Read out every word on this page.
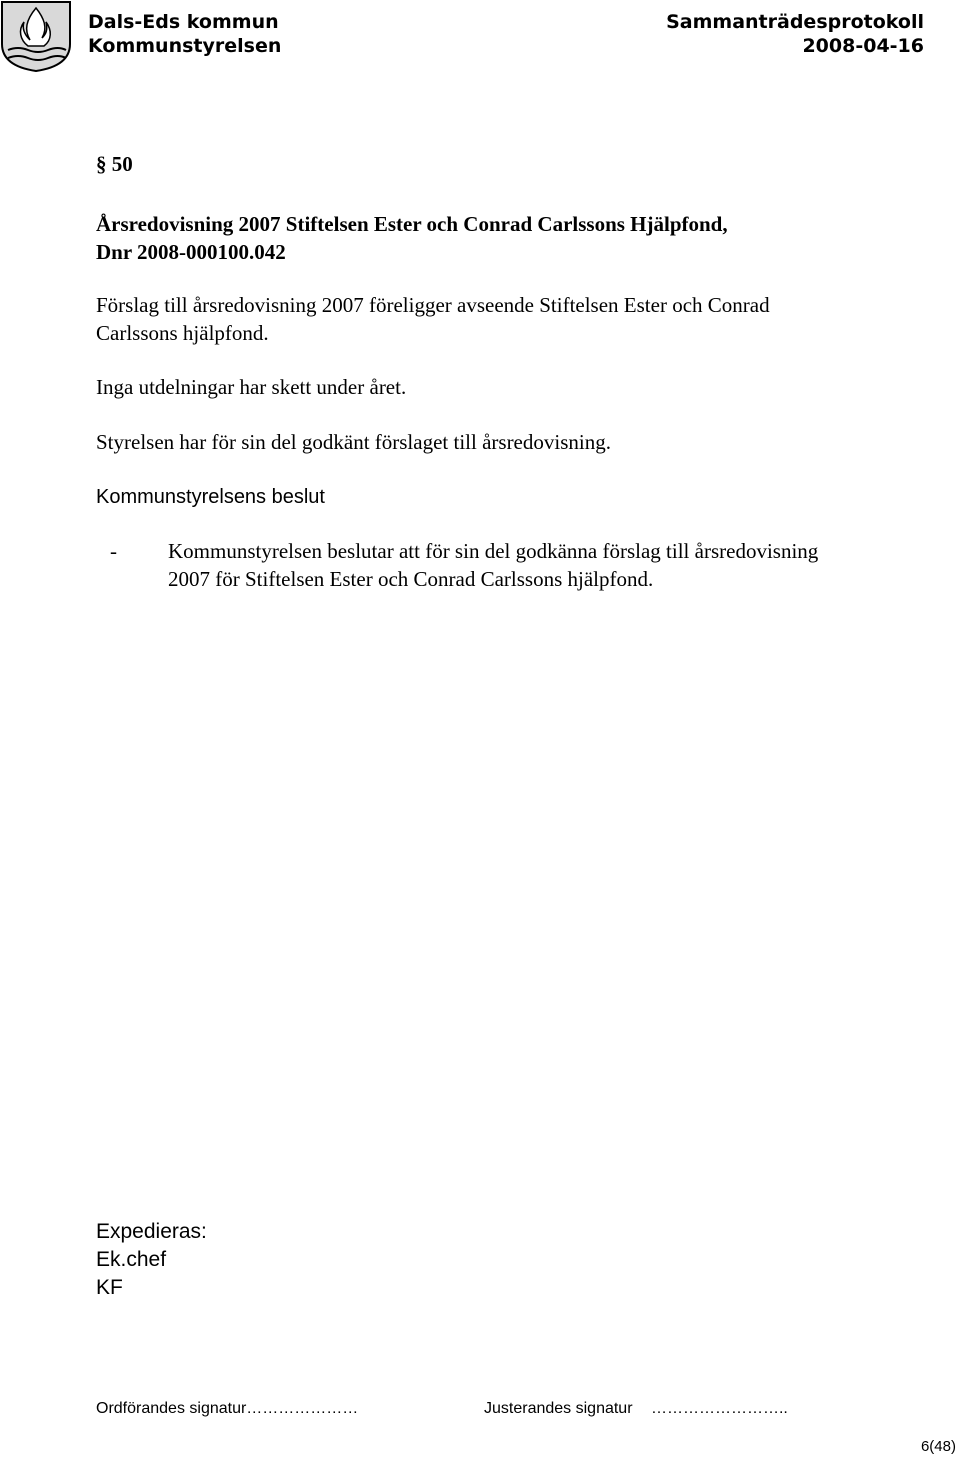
Dals-Eds kommun
Kommunstyrelsen
Sammanträdesprotokoll
2008-04-16
§ 50
Årsredovisning 2007 Stiftelsen Ester och Conrad Carlssons Hjälpfond,
Dnr 2008-000100.042
Förslag till årsredovisning 2007 föreligger avseende Stiftelsen Ester och Conrad
Carlssons hjälpfond.
Inga utdelningar har skett under året.
Styrelsen har för sin del godkänt förslaget till årsredovisning.
Kommunstyrelsens beslut
- Kommunstyrelsen beslutar att för sin del godkänna förslag till årsredovisning
2007 för Stiftelsen Ester och Conrad Carlssons hjälpfond.
Expedieras:
Ek.chef
KF
Ordförandes signatur…………………	Justerandes signatur ……………………..
6(48)
